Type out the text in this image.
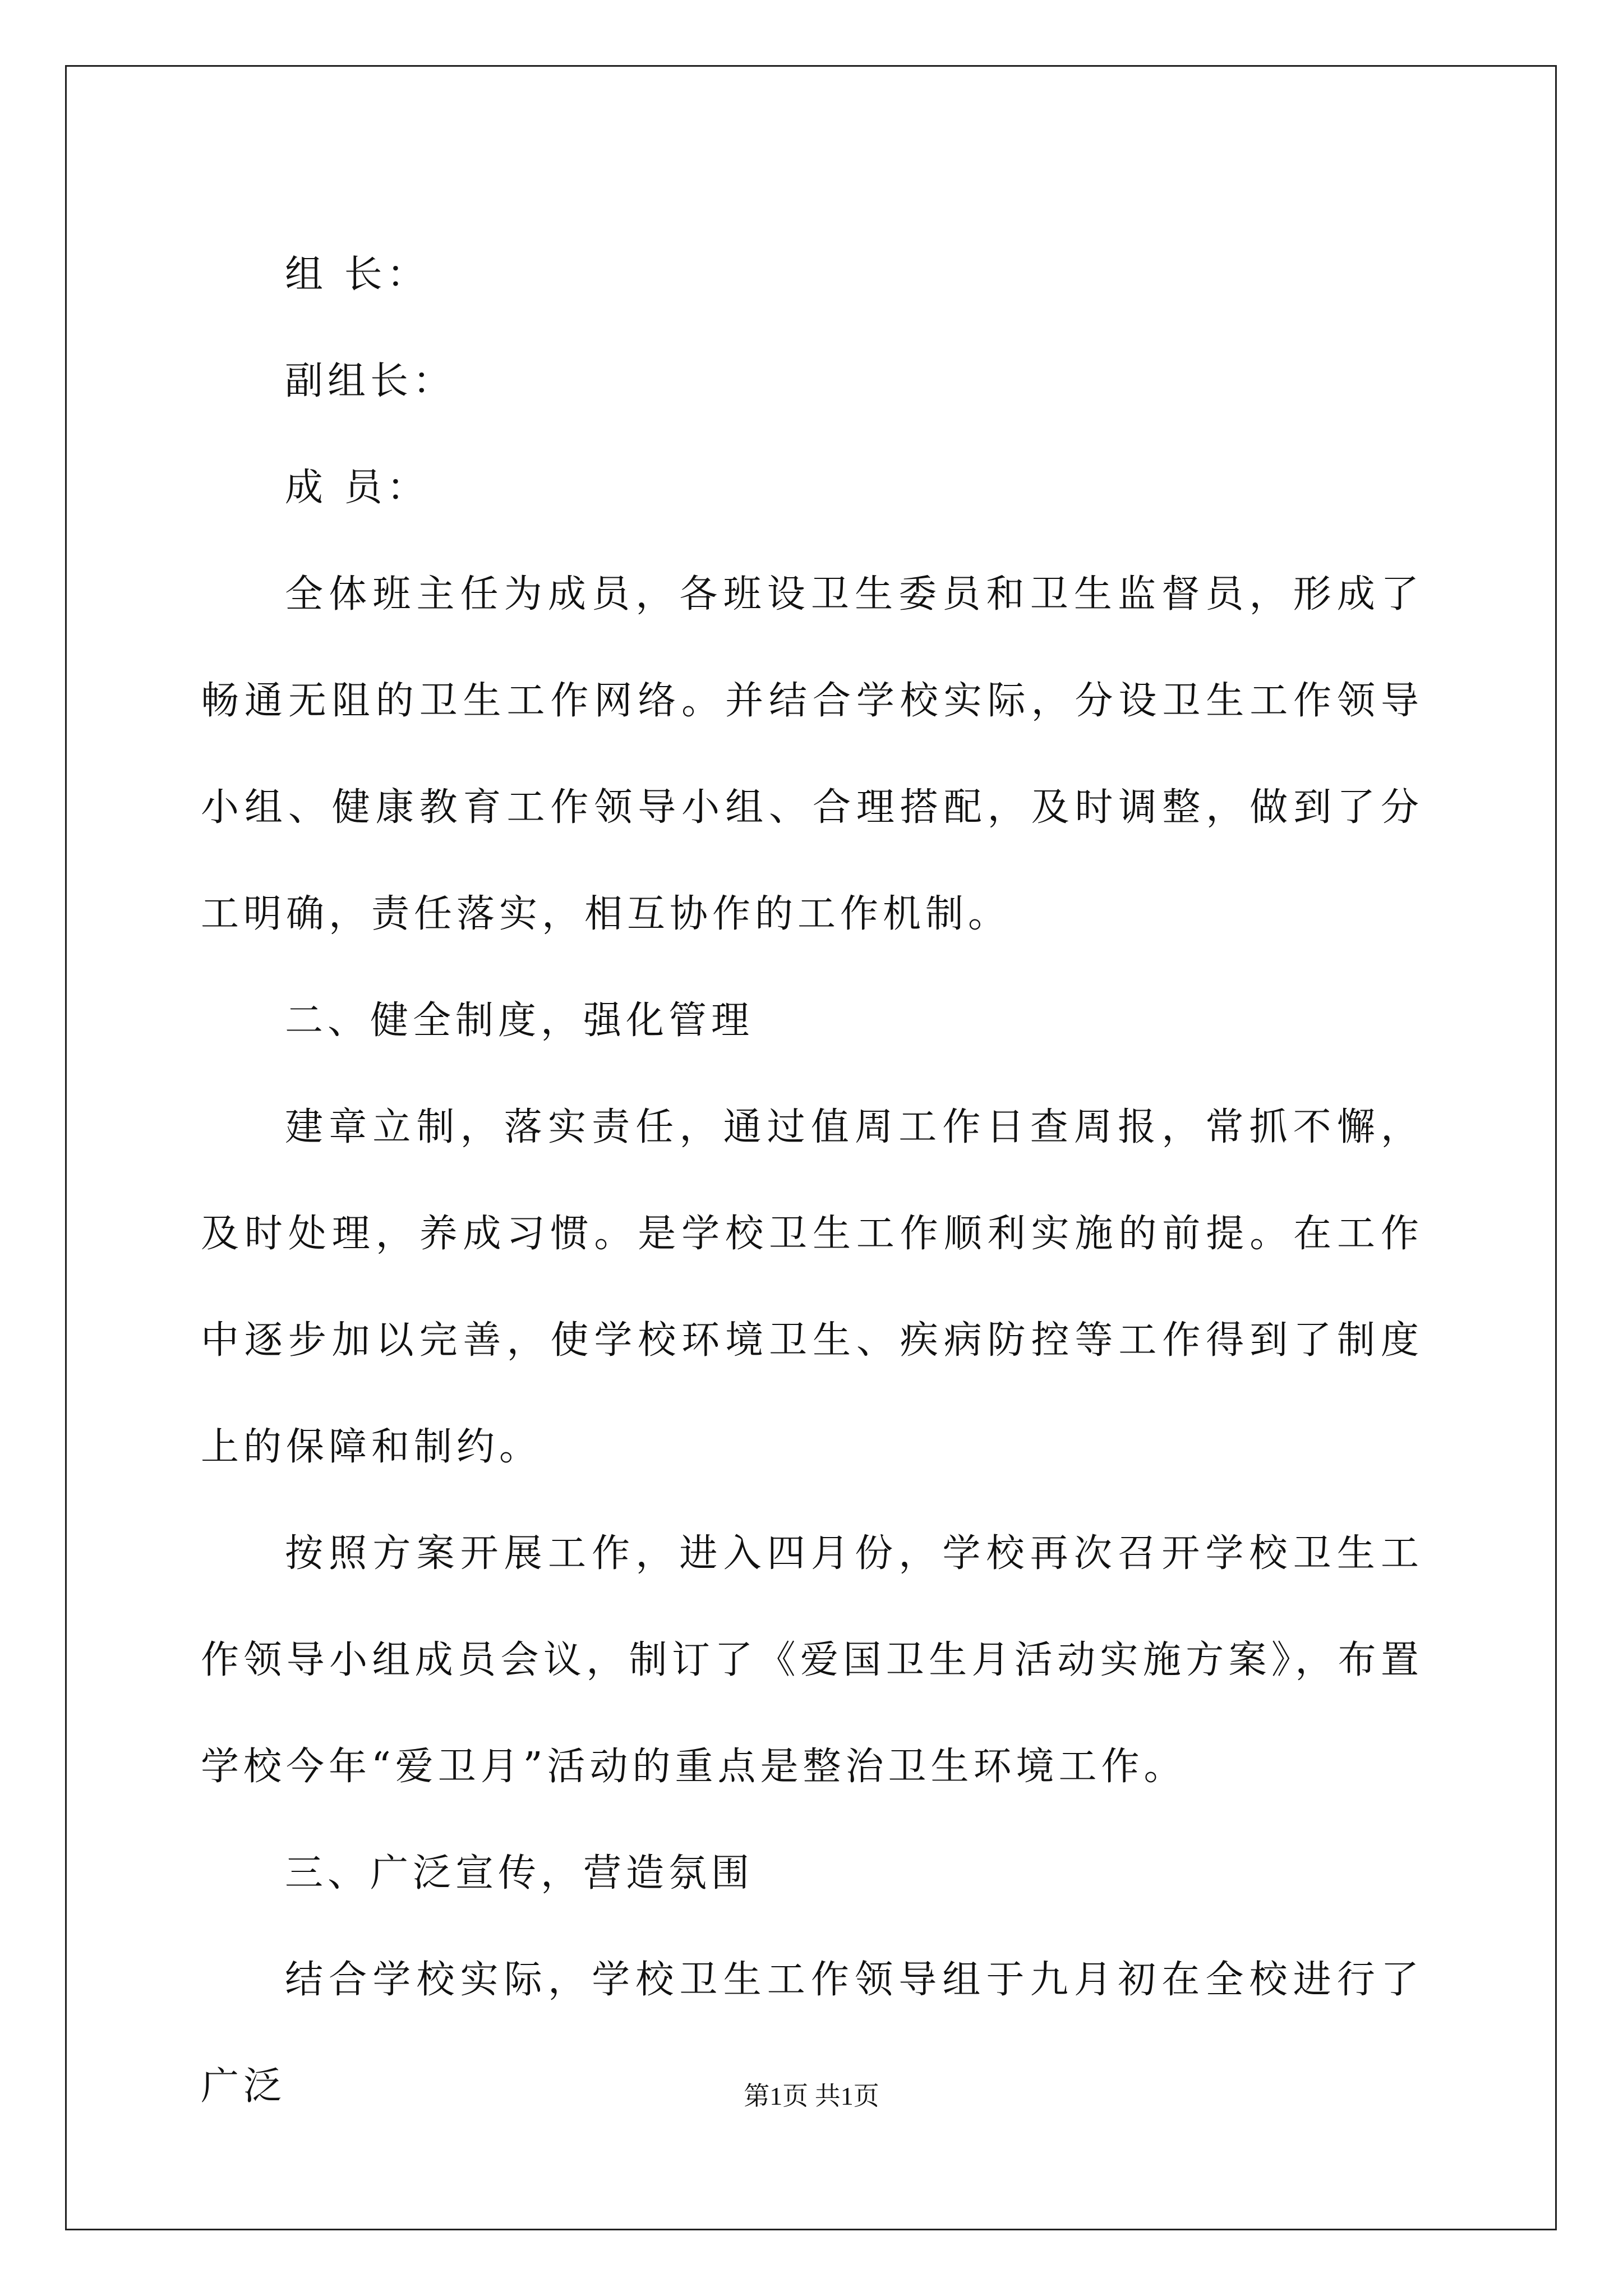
组 长：

副组长：

成 员：

全体班主任为成员，各班设卫生委员和卫生监督员，形成了畅通无阻的卫生工作网络。并结合学校实际，分设卫生工作领导小组、健康教育工作领导小组、合理搭配，及时调整，做到了分工明确，责任落实，相互协作的工作机制。

二、健全制度，强化管理

建章立制，落实责任，通过值周工作日查周报，常抓不懈，及时处理，养成习惯。是学校卫生工作顺利实施的前提。在工作中逐步加以完善，使学校环境卫生、疾病防控等工作得到了制度上的保障和制约。

按照方案开展工作，进入四月份，学校再次召开学校卫生工作领导小组成员会议，制订了《爱国卫生月活动实施方案》，布置学校今年“爱卫月”活动的重点是整治卫生环境工作。

三、广泛宣传，营造氛围

结合学校实际，学校卫生工作领导组于九月初在全校进行了广泛	第1页 共1页
